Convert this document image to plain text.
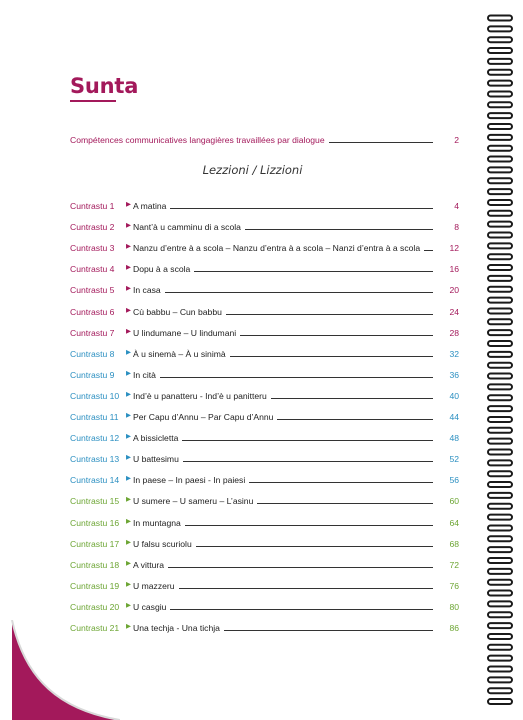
Sunta
Compétences communicatives langagières travaillées par dialogue	2
Lezzioni / Lizzioni
Cuntrastu 1	▶ A matina	4
Cuntrastu 2	▶ Nant’à u camminu di a scola	8
Cuntrastu 3	▶ Nanzu d’entre à a scola – Nanzu d’entra à a scola – Nanzi d’entra à a scola	12
Cuntrastu 4	▶ Dopu à a scola	16
Cuntrastu 5	▶ In casa	20
Cuntrastu 6	▶ Cù babbu – Cun babbu	24
Cuntrastu 7	▶ U lindumane – U lindumani	28
Cuntrastu 8	▶ À u sinemà – À u sinimà	32
Cuntrastu 9	▶ In cità	36
Cuntrastu 10	▶ Ind’è u panatteru - Ind’è u panitteru	40
Cuntrastu 11	▶ Per Capu d’Annu – Par Capu d’Annu	44
Cuntrastu 12	▶ A bissicletta	48
Cuntrastu 13	▶ U battesimu	52
Cuntrastu 14	▶ In paese – In paesi - In paiesi	56
Cuntrastu 15	▶ U sumere – U sameru – L’asinu	60
Cuntrastu 16	▶ In muntagna	64
Cuntrastu 17	▶ U falsu scuriolu	68
Cuntrastu 18	▶ A vittura	72
Cuntrastu 19	▶ U mazzeru	76
Cuntrastu 20	▶ U casgiu	80
Cuntrastu 21	▶ Una techja - Una tichja	86
